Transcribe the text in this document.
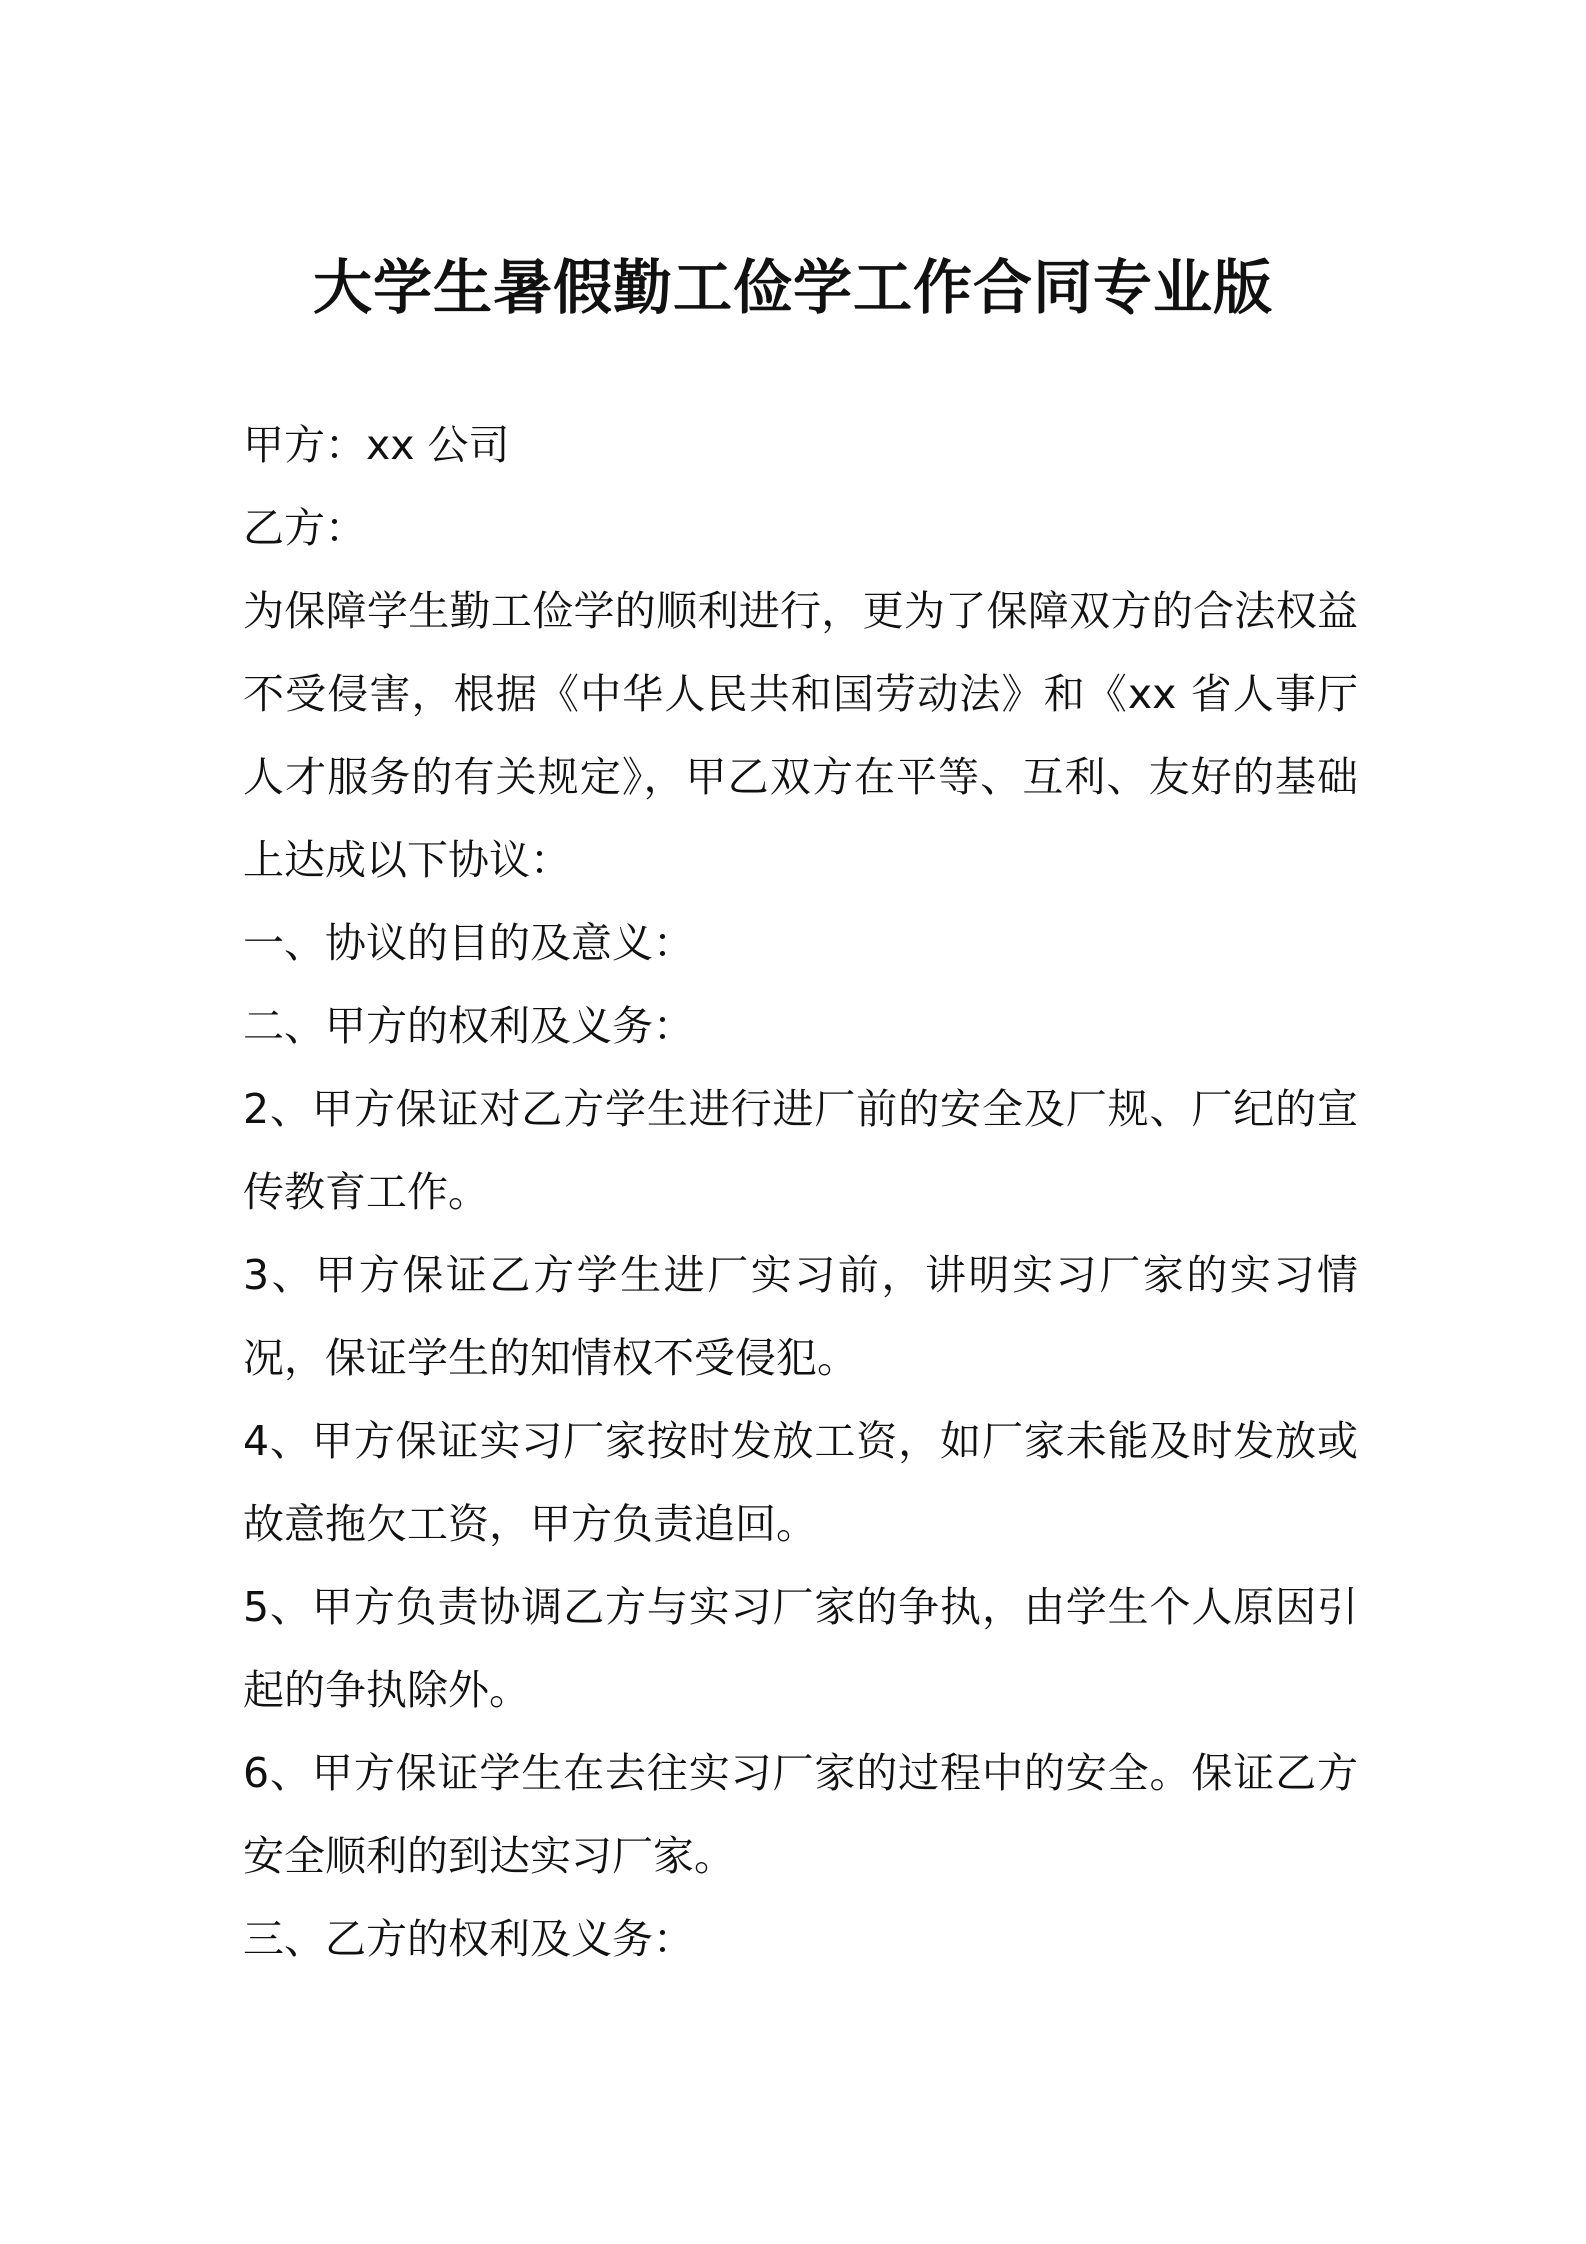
大学生暑假勤工俭学工作合同专业版

甲方：xx 公司

乙方：

为保障学生勤工俭学的顺利进行，更为了保障双方的合法权益不受侵害，根据《中华人民共和国劳动法》和《xx 省人事厅人才服务的有关规定》，甲乙双方在平等、互利、友好的基础上达成以下协议：

一、协议的目的及意义：

二、甲方的权利及义务：

2、甲方保证对乙方学生进行进厂前的安全及厂规、厂纪的宣传教育工作。

3、甲方保证乙方学生进厂实习前，讲明实习厂家的实习情况，保证学生的知情权不受侵犯。

4、甲方保证实习厂家按时发放工资，如厂家未能及时发放或故意拖欠工资，甲方负责追回。

5、甲方负责协调乙方与实习厂家的争执，由学生个人原因引起的争执除外。

6、甲方保证学生在去往实习厂家的过程中的安全。保证乙方安全顺利的到达实习厂家。

三、乙方的权利及义务：
